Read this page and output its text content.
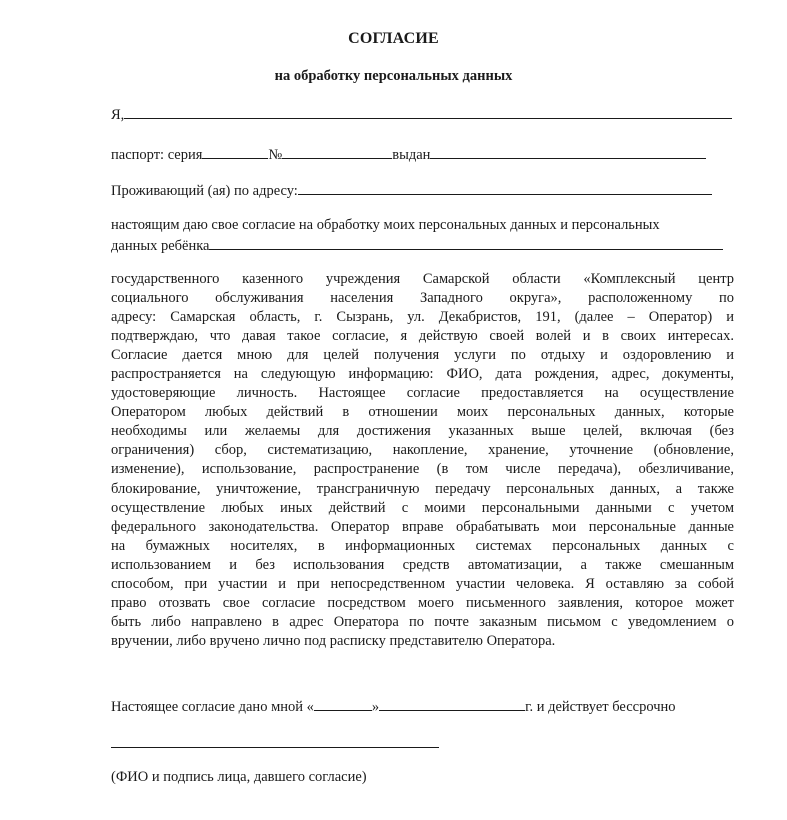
СОГЛАСИЕ
на обработку персональных данных
Я,
паспорт: серия	№	выдан
Проживающий (ая) по адресу:
настоящим даю свое согласие на обработку моих персональных данных и персональных
данных ребёнка
государственного казенного учреждения Самарской области «Комплексный центр
социального обслуживания населения Западного округа», расположенному по
адресу: Самарская область, г. Сызрань, ул. Декабристов, 191, (далее – Оператор) и
подтверждаю, что давая такое согласие, я действую своей волей и в своих интересах.
Согласие дается мною для целей получения услуги по отдыху и оздоровлению и
распространяется на следующую информацию: ФИО, дата рождения, адрес, документы,
удостоверяющие личность. Настоящее согласие предоставляется на осуществление
Оператором любых действий в отношении моих персональных данных, которые
необходимы или желаемы для достижения указанных выше целей, включая (без
ограничения) сбор, систематизацию, накопление, хранение, уточнение (обновление,
изменение), использование, распространение (в том числе передача), обезличивание,
блокирование, уничтожение, трансграничную передачу персональных данных, а также
осуществление любых иных действий с моими персональными данными с учетом
федерального законодательства. Оператор вправе обрабатывать мои персональные данные
на бумажных носителях, в информационных системах персональных данных с
использованием и без использования средств автоматизации, а также смешанным
способом, при участии и при непосредственном участии человека. Я оставляю за собой
право отозвать свое согласие посредством моего письменного заявления, которое может
быть либо направлено в адрес Оператора по почте заказным письмом с уведомлением о
вручении, либо вручено лично под расписку представителю Оператора.
Настоящее согласие дано мной «	»	г. и действует бессрочно
(ФИО и подпись лица, давшего согласие)
